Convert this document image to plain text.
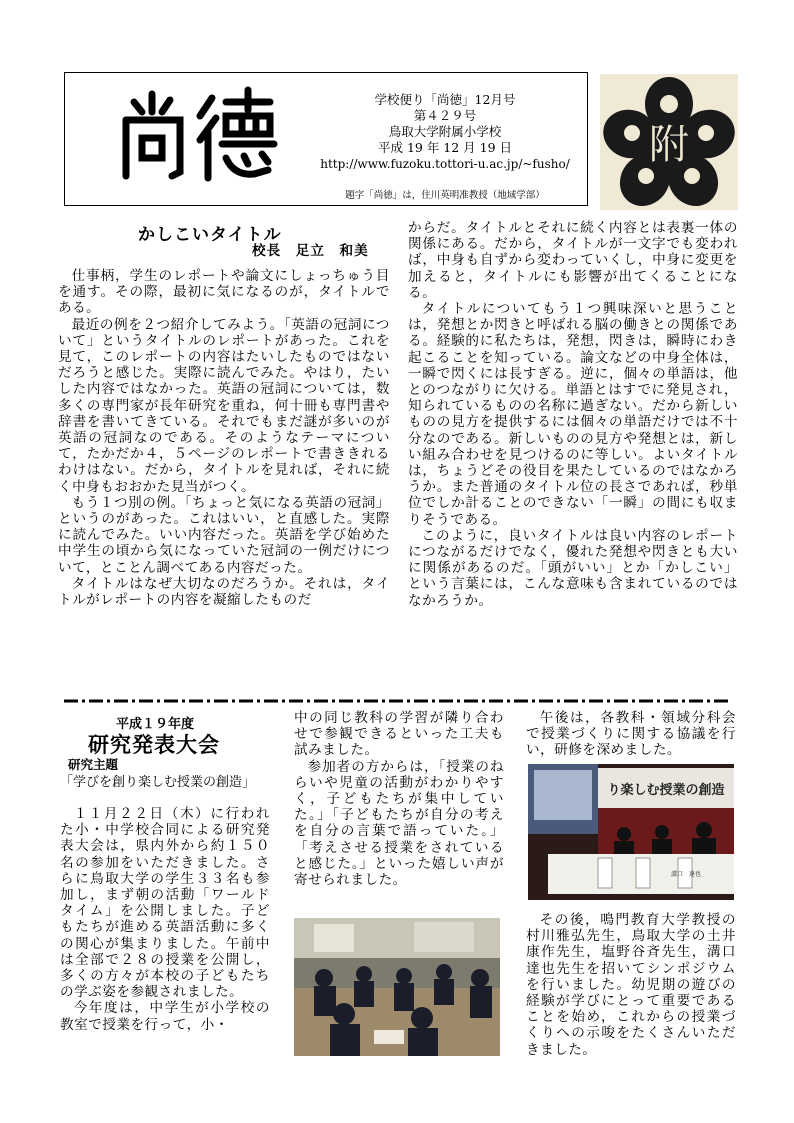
学校便り「尚徳」12月号
第４２９号
鳥取大学附属小学校
平成 19 年 12 月 19 日
http://www.fuzoku.tottori-u.ac.jp/~fusho/
題字「尚徳」は，住川英明准教授（地域学部）
附
かしこいタイトル
校長　足立　和美

仕事柄，学生のレポートや論文にしょっちゅう目を通す。その際，最初に気になるのが，タイトルである。

最近の例を２つ紹介してみよう。「英語の冠詞について」というタイトルのレポートがあった。これを見て，このレポートの内容はたいしたものではないだろうと感じた。実際に読んでみた。やはり，たいした内容ではなかった。英語の冠詞については，数多くの専門家が長年研究を重ね，何十冊も専門書や辞書を書いてきている。それでもまだ謎が多いのが英語の冠詞なのである。そのようなテーマについて，たかだか４，５ページのレポートで書ききれるわけはない。だから，タイトルを見れば，それに続く中身もおおかた見当がつく。

もう１つ別の例。「ちょっと気になる英語の冠詞」というのがあった。これはいい，と直感した。実際に読んでみた。いい内容だった。英語を学び始めた中学生の頃から気になっていた冠詞の一例だけについて，とことん調べてある内容だった。

タイトルはなぜ大切なのだろうか。それは，タイトルがレポートの内容を凝縮したものだ

からだ。タイトルとそれに続く内容とは表裏一体の関係にある。だから，タイトルが一文字でも変われば，中身も自ずから変わっていくし，中身に変更を加えると，タイトルにも影響が出てくることになる。

タイトルについてもう１つ興味深いと思うことは，発想とか閃きと呼ばれる脳の働きとの関係である。経験的に私たちは，発想，閃きは，瞬時にわき起こることを知っている。論文などの中身全体は，一瞬で閃くには長すぎる。逆に，個々の単語は，他とのつながりに欠ける。単語とはすでに発見され，知られているものの名称に過ぎない。だから新しいものの見方を提供するには個々の単語だけでは不十分なのである。新しいものの見方や発想とは，新しい組み合わせを見つけるのに等しい。よいタイトルは，ちょうどその役目を果たしているのではなかろうか。また普通のタイトル位の長さであれば，秒単位でしか計ることのできない「一瞬」の間にも収まりそうである。

このように，良いタイトルは良い内容のレポートにつながるだけでなく，優れた発想や閃きとも大いに関係があるのだ。「頭がいい」とか「かしこい」という言葉には，こんな意味も含まれているのではなかろうか。

平成１９年度
研究発表大会
研究主題
「学びを創り楽しむ授業の創造」

１１月２２日（木）に行われた小・中学校合同による研究発表大会は，県内外から約１５０名の参加をいただきました。さらに鳥取大学の学生３３名も参加し，まず朝の活動「ワールドタイム」を公開しました。子どもたちが進める英語活動に多くの関心が集まりました。午前中は全部で２８の授業を公開し，多くの方々が本校の子どもたちの学ぶ姿を参観されました。

今年度は，中学生が小学校の教室で授業を行って，小・

中の同じ教科の学習が隣り合わせで参観できるといった工夫も試みました。

参加者の方からは，「授業のねらいや児童の活動がわかりやすく，子どもたちが集中していた。」「子どもたちが自分の考えを自分の言葉で語っていた。」「考えさせる授業をされていると感じた。」といった嬉しい声が寄せられました。

午後は，各教科・領域分科会で授業づくりに関する協議を行い，研修を深めました。

り楽しむ授業の創造
溝口　達也

その後，鳴門教育大学教授の村川雅弘先生，鳥取大学の土井康作先生，塩野谷斉先生，溝口達也先生を招いてシンポジウムを行いました。幼児期の遊びの経験が学びにとって重要であることを始め，これからの授業づくりへの示唆をたくさんいただきました。
